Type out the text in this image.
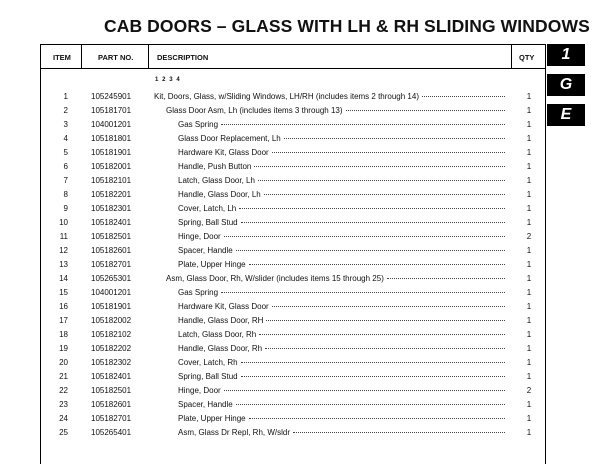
CAB DOORS – GLASS WITH LH & RH SLIDING WINDOWS
ITEM	PART NO.	DESCRIPTION	QTY
1 2 3 4
1	105245901	Kit, Doors, Glass, w/Sliding Windows, LH/RH (includes items 2 through 14)	1
2	105181701	Glass Door Asm, Lh (includes items 3 through 13)	1
3	104001201	Gas Spring	1
4	105181801	Glass Door Replacement, Lh	1
5	105181901	Hardware Kit, Glass Door	1
6	105182001	Handle, Push Button	1
7	105182101	Latch, Glass Door, Lh	1
8	105182201	Handle, Glass Door, Lh	1
9	105182301	Cover, Latch, Lh	1
10	105182401	Spring, Ball Stud	1
11	105182501	Hinge, Door	2
12	105182601	Spacer, Handle	1
13	105182701	Plate, Upper Hinge	1
14	105265301	Asm, Glass Door, Rh, W/slider (includes items 15 through 25)	1
15	104001201	Gas Spring	1
16	105181901	Hardware Kit, Glass Door	1
17	105182002	Handle, Glass Door, RH	1
18	105182102	Latch, Glass Door, Rh	1
19	105182202	Handle, Glass Door, Rh	1
20	105182302	Cover, Latch, Rh	1
21	105182401	Spring, Ball Stud	1
22	105182501	Hinge, Door	2
23	105182601	Spacer, Handle	1
24	105182701	Plate, Upper Hinge	1
25	105265401	Asm, Glass Dr Repl, Rh, W/sldr	1
1
G
E
